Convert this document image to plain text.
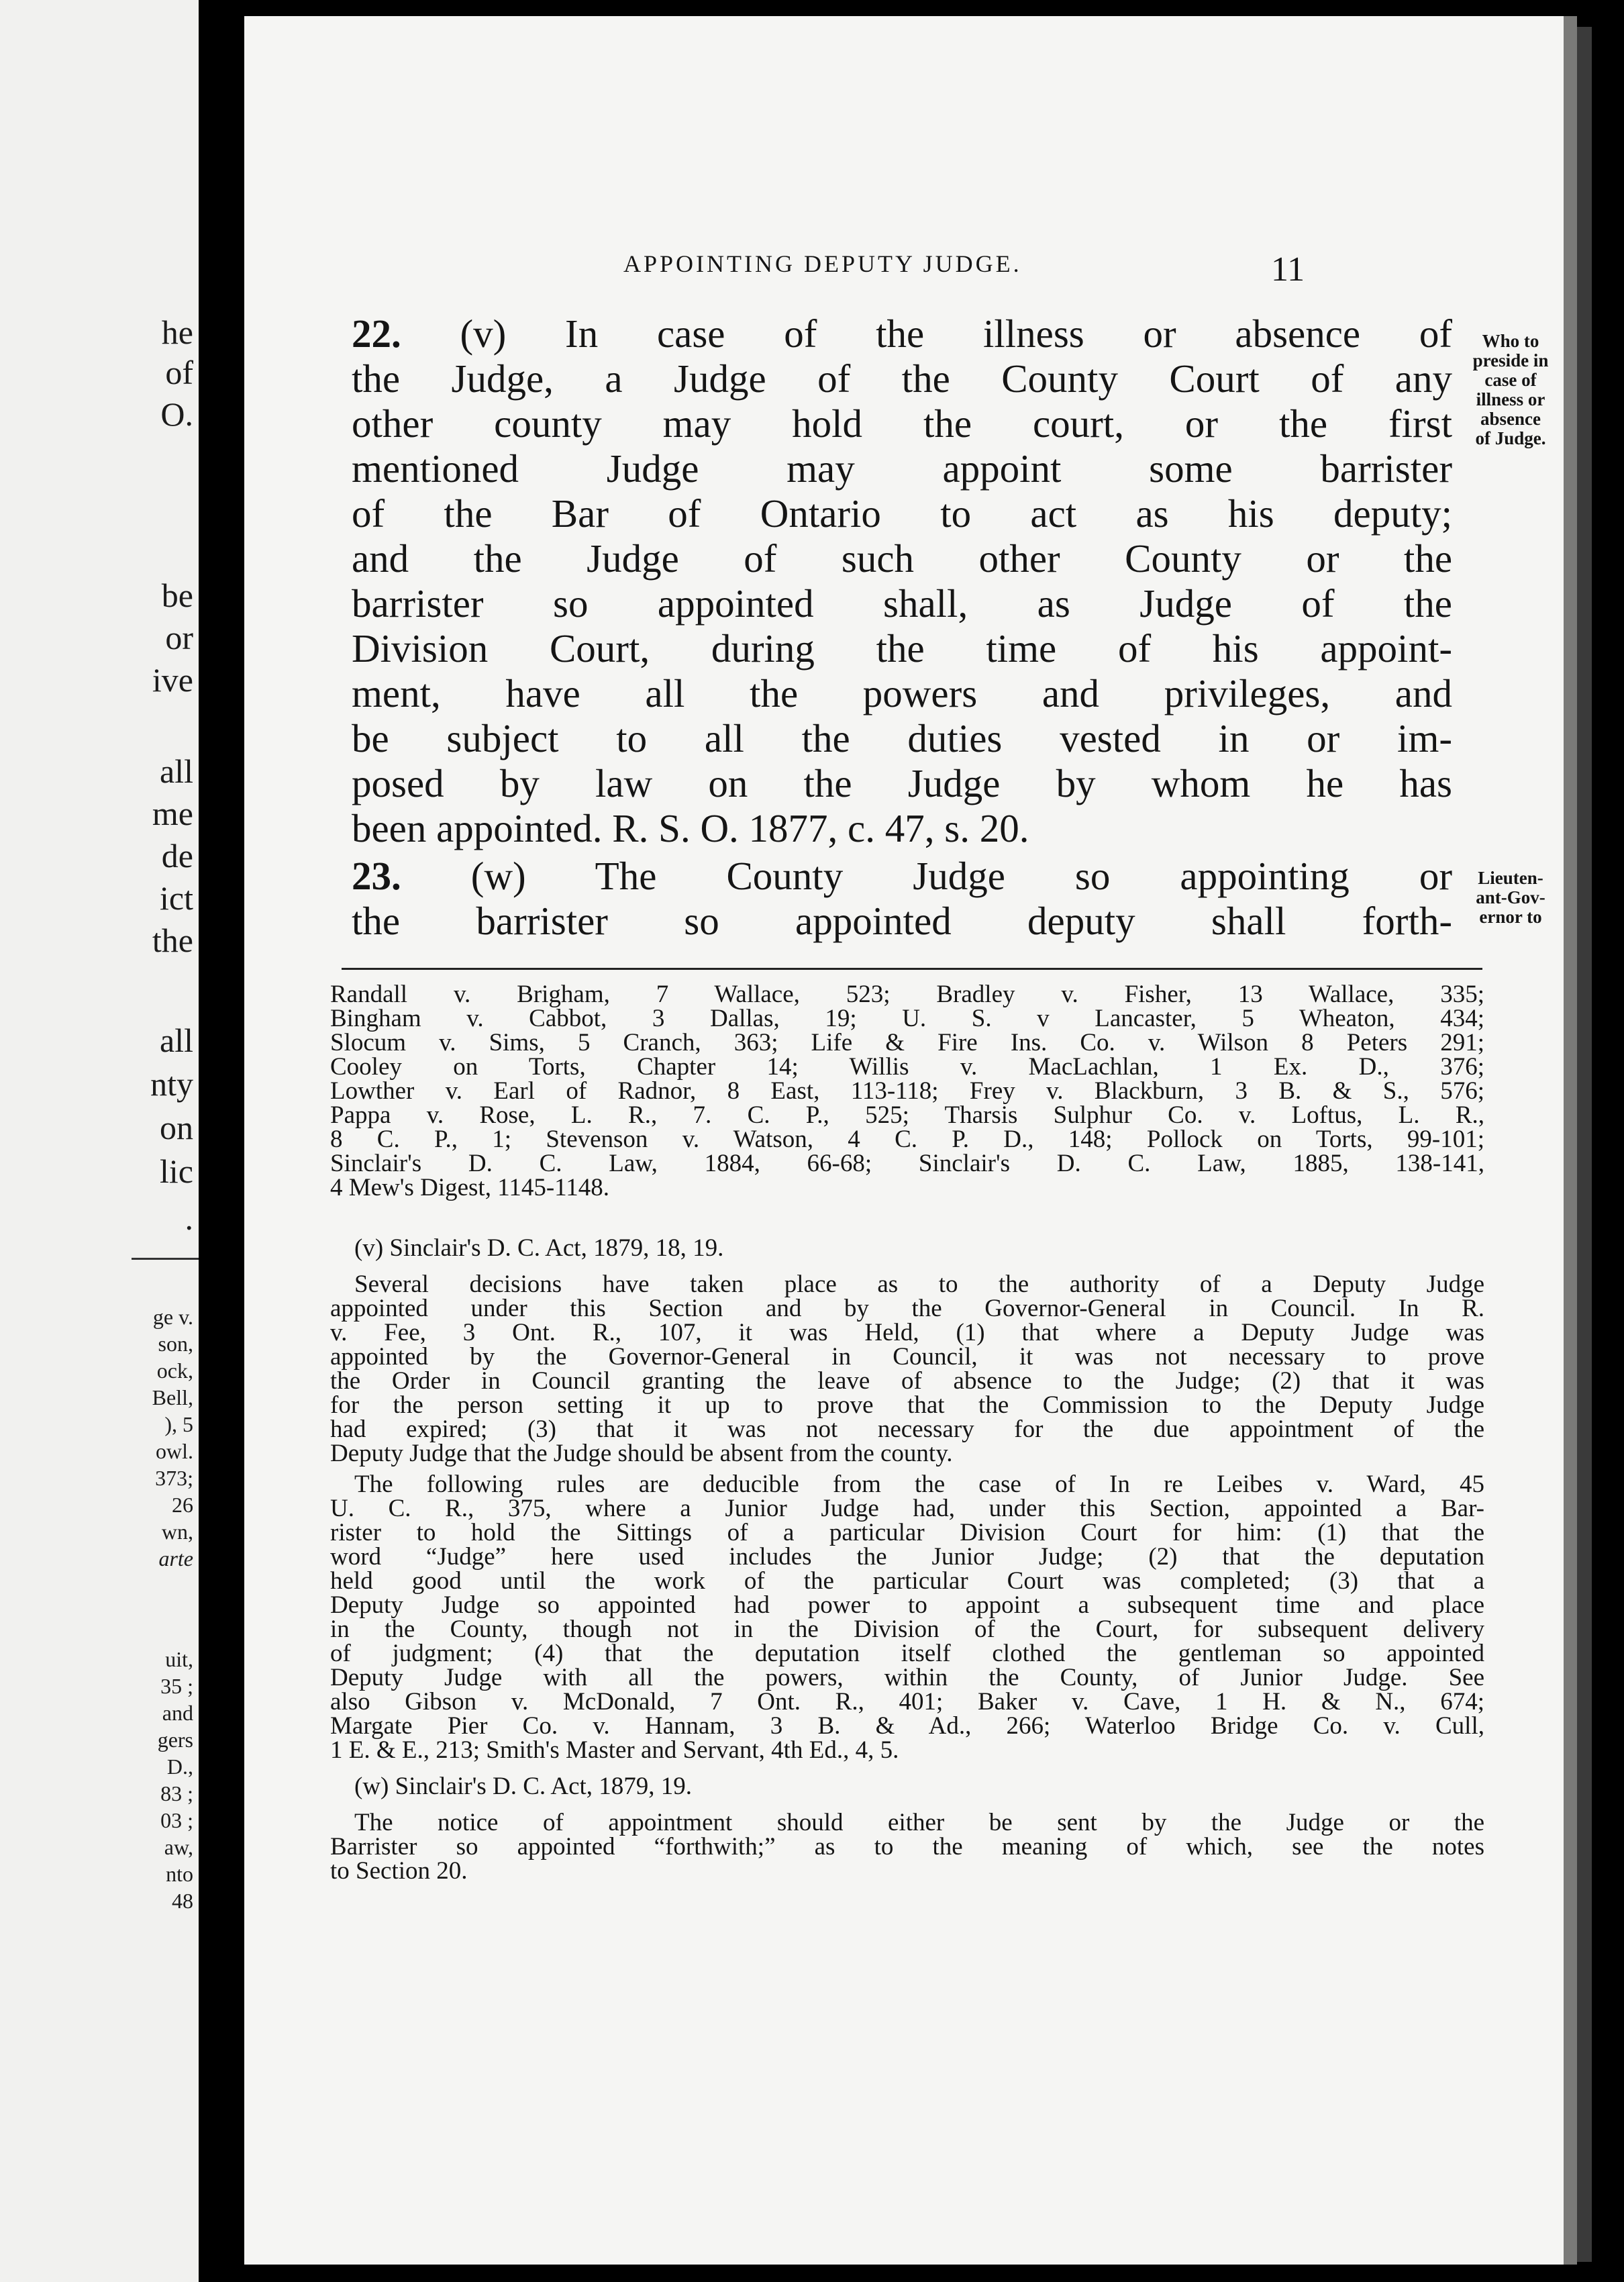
he
of
O.
be
or
ive
all
me
de
ict
the
all
nty
on
lic
.
ge v.
son,
ock,
Bell,
), 5
owl.
373;
26
wn,
arte
uit,
35 ;
and
gers
D.,
83 ;
03 ;
aw,
nto
48
APPOINTING DEPUTY JUDGE.	11

22. (v) In case of the illness or absence of

the Judge, a Judge of the County Court of any

other county may hold the court, or the first

mentioned Judge may appoint some barrister

of the Bar of Ontario to act as his deputy;

and the Judge of such other County or the

barrister so appointed shall, as Judge of the

Division Court, during the time of his appoint-

ment, have all the powers and privileges, and

be subject to all the duties vested in or im-

posed by law on the Judge by whom he has

been appointed. R. S. O. 1877, c. 47, s. 20.

Who to
preside in
case of
illness or
absence
of Judge.

23. (w) The County Judge so appointing or

the barrister so appointed deputy shall forth-

Lieuten-
ant-Gov-
ernor to

Randall v. Brigham, 7 Wallace, 523; Bradley v. Fisher, 13 Wallace, 335;

Bingham v. Cabbot, 3 Dallas, 19; U. S. v Lancaster, 5 Wheaton, 434;

Slocum v. Sims, 5 Cranch, 363; Life & Fire Ins. Co. v. Wilson 8 Peters 291;

Cooley on Torts, Chapter 14; Willis v. MacLachlan, 1 Ex. D., 376;

Lowther v. Earl of Radnor, 8 East, 113-118; Frey v. Blackburn, 3 B. & S., 576;

Pappa v. Rose, L. R., 7. C. P., 525; Tharsis Sulphur Co. v. Loftus, L. R.,

8 C. P., 1; Stevenson v. Watson, 4 C. P. D., 148; Pollock on Torts, 99-101;

Sinclair's D. C. Law, 1884, 66-68; Sinclair's D. C. Law, 1885, 138-141,

4 Mew's Digest, 1145-1148.

(v) Sinclair's D. C. Act, 1879, 18, 19.

Several decisions have taken place as to the authority of a Deputy Judge

appointed under this Section and by the Governor-General in Council. In R.

v. Fee, 3 Ont. R., 107, it was Held, (1) that where a Deputy Judge was

appointed by the Governor-General in Council, it was not necessary to prove

the Order in Council granting the leave of absence to the Judge; (2) that it was

for the person setting it up to prove that the Commission to the Deputy Judge

had expired; (3) that it was not necessary for the due appointment of the

Deputy Judge that the Judge should be absent from the county.

The following rules are deducible from the case of In re Leibes v. Ward, 45

U. C. R., 375, where a Junior Judge had, under this Section, appointed a Bar-

rister to hold the Sittings of a particular Division Court for him: (1) that the

word “Judge” here used includes the Junior Judge; (2) that the deputation

held good until the work of the particular Court was completed; (3) that a

Deputy Judge so appointed had power to appoint a subsequent time and place

in the County, though not in the Division of the Court, for subsequent delivery

of judgment; (4) that the deputation itself clothed the gentleman so appointed

Deputy Judge with all the powers, within the County, of Junior Judge. See

also Gibson v. McDonald, 7 Ont. R., 401; Baker v. Cave, 1 H. & N., 674;

Margate Pier Co. v. Hannam, 3 B. & Ad., 266; Waterloo Bridge Co. v. Cull,

1 E. & E., 213; Smith's Master and Servant, 4th Ed., 4, 5.

(w) Sinclair's D. C. Act, 1879, 19.

The notice of appointment should either be sent by the Judge or the

Barrister so appointed “forthwith;” as to the meaning of which, see the notes

to Section 20.
